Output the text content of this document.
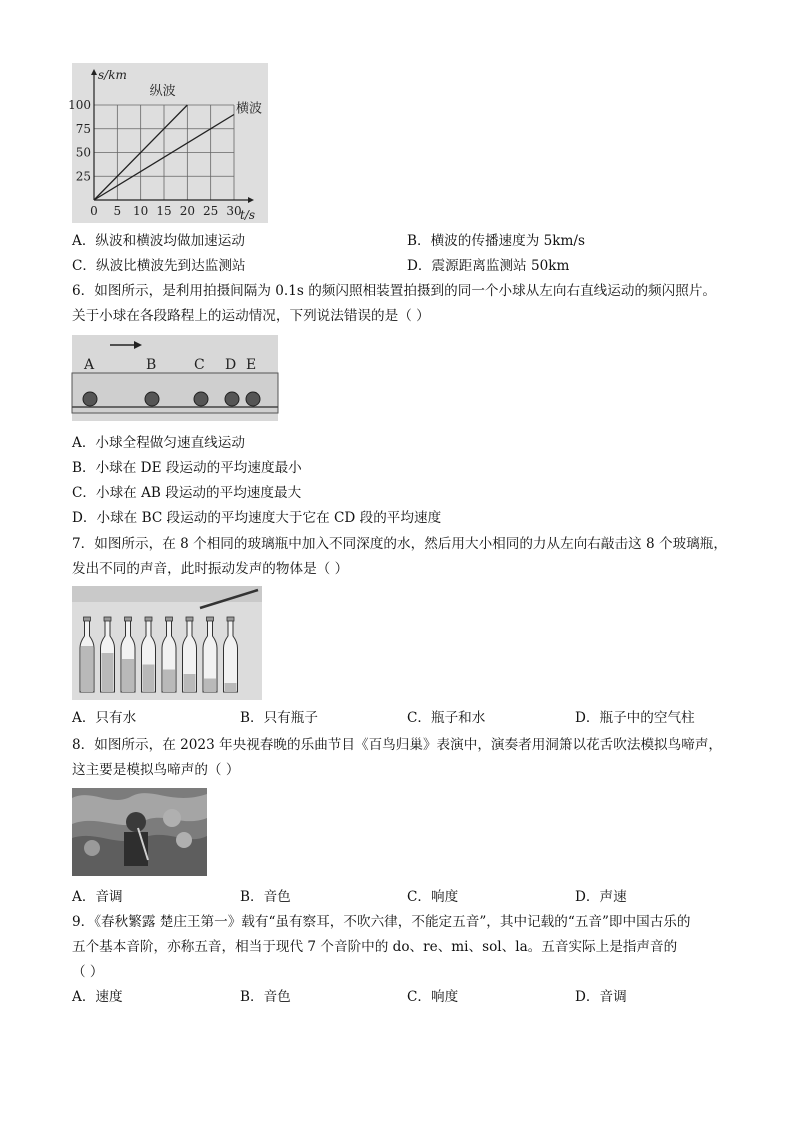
0 5 10 15 20 25 30
25
50
75
100
s/km
t/s
纵波
横波
A．纵波和横波均做加速运动	B．横波的传播速度为 5km/s
C．纵波比横波先到达监测站	D．震源距离监测站 50km
6．如图所示，是利用拍摄间隔为 0.1s 的频闪照相装置拍摄到的同一个小球从左向右直线运动的频闪照片。
关于小球在各段路程上的运动情况，下列说法错误的是（ ）
A	B	C D E
A．小球全程做匀速直线运动
B．小球在 DE 段运动的平均速度最小
C．小球在 AB 段运动的平均速度最大
D．小球在 BC 段运动的平均速度大于它在 CD 段的平均速度
7．如图所示，在 8 个相同的玻璃瓶中加入不同深度的水，然后用大小相同的力从左向右敲击这 8 个玻璃瓶，
发出不同的声音，此时振动发声的物体是（ ）
A．只有水	B．只有瓶子	C．瓶子和水	D．瓶子中的空气柱
8．如图所示，在 2023 年央视春晚的乐曲节目《百鸟归巢》表演中，演奏者用洞箫以花舌吹法模拟鸟啼声，
这主要是模拟鸟啼声的（ ）
A．音调	B．音色	C．响度	D．声速
9．《春秋繁露 楚庄王第一》载有“虽有察耳，不吹六律，不能定五音”，其中记载的“五音”即中国古乐的
五个基本音阶，亦称五音，相当于现代 7 个音阶中的 do、re、mi、sol、la。五音实际上是指声音的
（ ）
A．速度	B．音色	C．响度	D．音调
